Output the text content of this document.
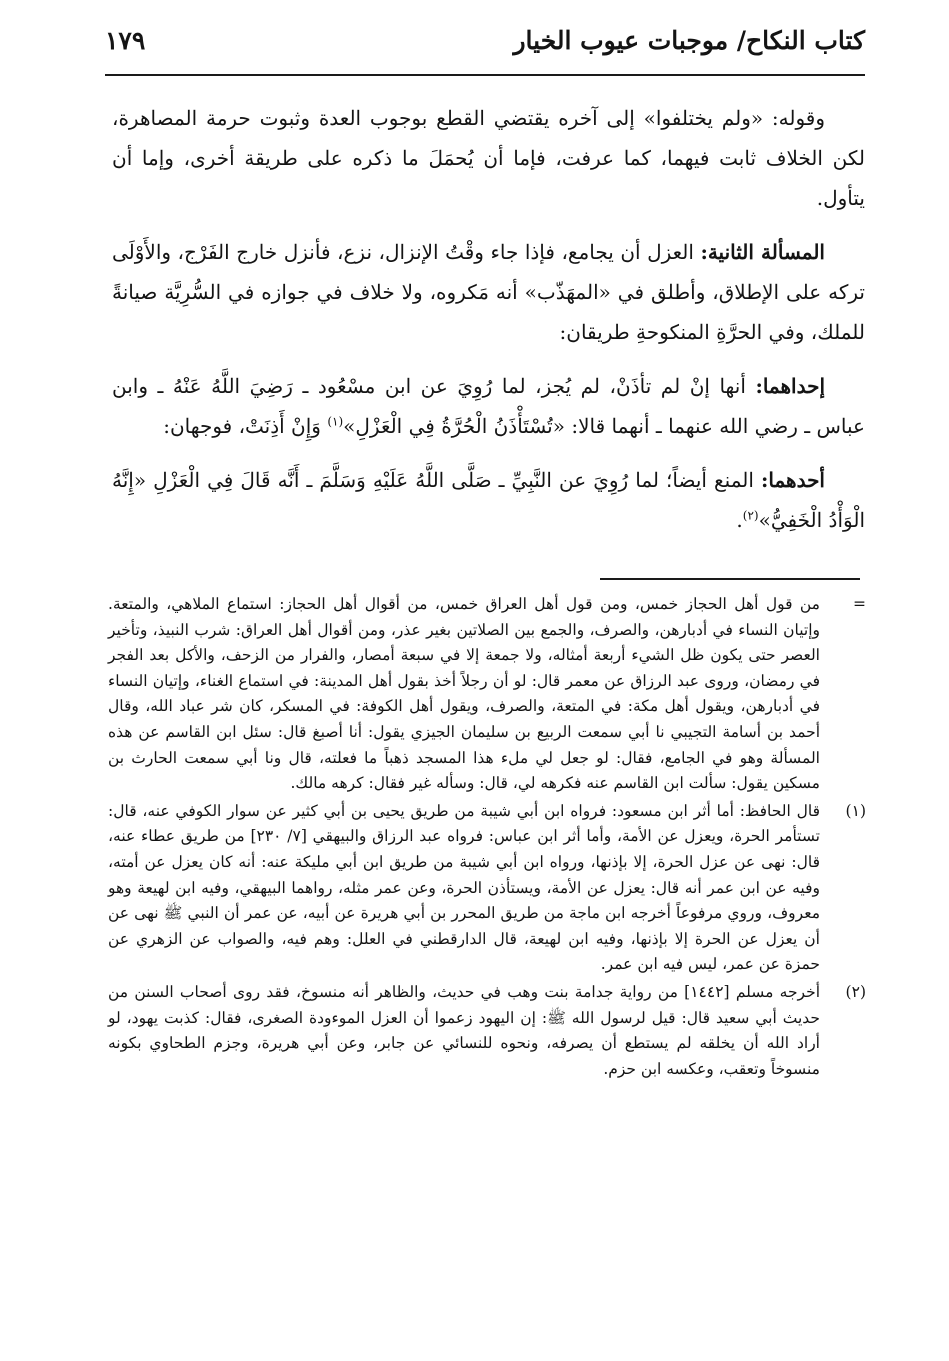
كتاب النكاح/ موجبات عيوب الخيار
١٧٩

وقوله: «ولم يختلفوا» إلى آخره يقتضي القطع بوجوب العدة وثبوت حرمة المصاهرة، لكن الخلاف ثابت فيهما، كما عرفت، فإما أن يُحمَلَ ما ذكره على طريقة أخرى، وإما أن يتأول.

المسألة الثانية: العزل أن يجامع، فإذا جاء وقْتُ الإنزال، نزع، فأنزل خارج الفَرْج، والأَوْلَى تركه على الإطلاق، وأطلق في «المهَذّب» أنه مَكروه، ولا خلاف في جوازه في السُّرِيَّة صيانةً للملك، وفي الحرَّةِ المنكوحةِ طريقان:

إحداهما: أنها إنْ لم تأذَنْ، لم يُجز، لما رُوِيَ عن ابن مسْعُود ـ رَضِيَ اللَّهُ عَنْهُ ـ وابن عباس ـ رضي الله عنهما ـ أنهما قالا: «تُسْتَأْذَنُ الْحُرَّةُ فِي الْعَزْلِ»$^{(١)}$ وَإِنْ أَذِنَتْ، فوجهان:

أحدهما: المنع أيضاً؛ لما رُوِيَ عن النَّبِيِّ ـ صَلَّى اللَّهُ عَلَيْهِ وَسَلَّمَ ـ أَنَّه قَالَ فِي الْعَزْلِ «إِنَّهُ الْوَأْدُ الْخَفِيُّ»$^{(٢)}$.

=
من قول أهل الحجاز خمس، ومن قول أهل العراق خمس، من أقوال أهل الحجاز: استماع الملاهي، والمتعة. وإتيان النساء في أدبارهن، والصرف، والجمع بين الصلاتين بغير عذر، ومن أقوال أهل العراق: شرب النبيذ، وتأخير العصر حتى يكون ظل الشيء أربعة أمثاله، ولا جمعة إلا في سبعة أمصار، والفرار من الزحف، والأكل بعد الفجر في رمضان، وروى عبد الرزاق عن معمر قال: لو أن رجلاً أخذ بقول أهل المدينة: في استماع الغناء، وإتيان النساء في أدبارهن، ويقول أهل مكة: في المتعة، والصرف، ويقول أهل الكوفة: في المسكر، كان شر عباد الله، وقال أحمد بن أسامة التجيبي نا أبي سمعت الربيع بن سليمان الجيزي يقول: أنا أصبغ قال: سئل ابن القاسم عن هذه المسألة وهو في الجامع، فقال: لو جعل لي ملء هذا المسجد ذهباً ما فعلته، قال ونا أبي سمعت الحارث بن مسكين يقول: سألت ابن القاسم عنه فكرهه لي، قال: وسأله غير فقال: كرهه مالك.
(١)
قال الحافظ: أما أثر ابن مسعود: فرواه ابن أبي شيبة من طريق يحيى بن أبي كثير عن سوار الكوفي عنه، قال: تستأمر الحرة، ويعزل عن الأمة، وأما أثر ابن عباس: فرواه عبد الرزاق والبيهقي [٧/ ٢٣٠] من طريق عطاء عنه، قال: نهى عن عزل الحرة، إلا بإذنها، ورواه ابن أبي شيبة من طريق ابن أبي مليكة عنه: أنه كان يعزل عن أمته، وفيه عن ابن عمر أنه قال: يعزل عن الأمة، ويستأذن الحرة، وعن عمر مثله، رواهما البيهقي، وفيه ابن لهيعة وهو معروف، وروي مرفوعاً أخرجه ابن ماجة من طريق المحرر بن أبي هريرة عن أبيه، عن عمر أن النبي ﷺ نهى عن أن يعزل عن الحرة إلا بإذنها، وفيه ابن لهيعة، قال الدارقطني في العلل: وهم فيه، والصواب عن الزهري عن حمزة عن عمر، ليس فيه ابن عمر.
(٢)
أخرجه مسلم [١٤٤٢] من رواية جدامة بنت وهب في حديث، والظاهر أنه منسوخ، فقد روى أصحاب السنن من حديث أبي سعيد قال: قيل لرسول الله ﷺ: إن اليهود زعموا أن العزل الموءودة الصغرى، فقال: كذبت يهود، لو أراد الله أن يخلقه لم يستطع أن يصرفه، ونحوه للنسائي عن جابر، وعن أبي هريرة، وجزم الطحاوي بكونه منسوخاً وتعقب، وعكسه ابن حزم.
